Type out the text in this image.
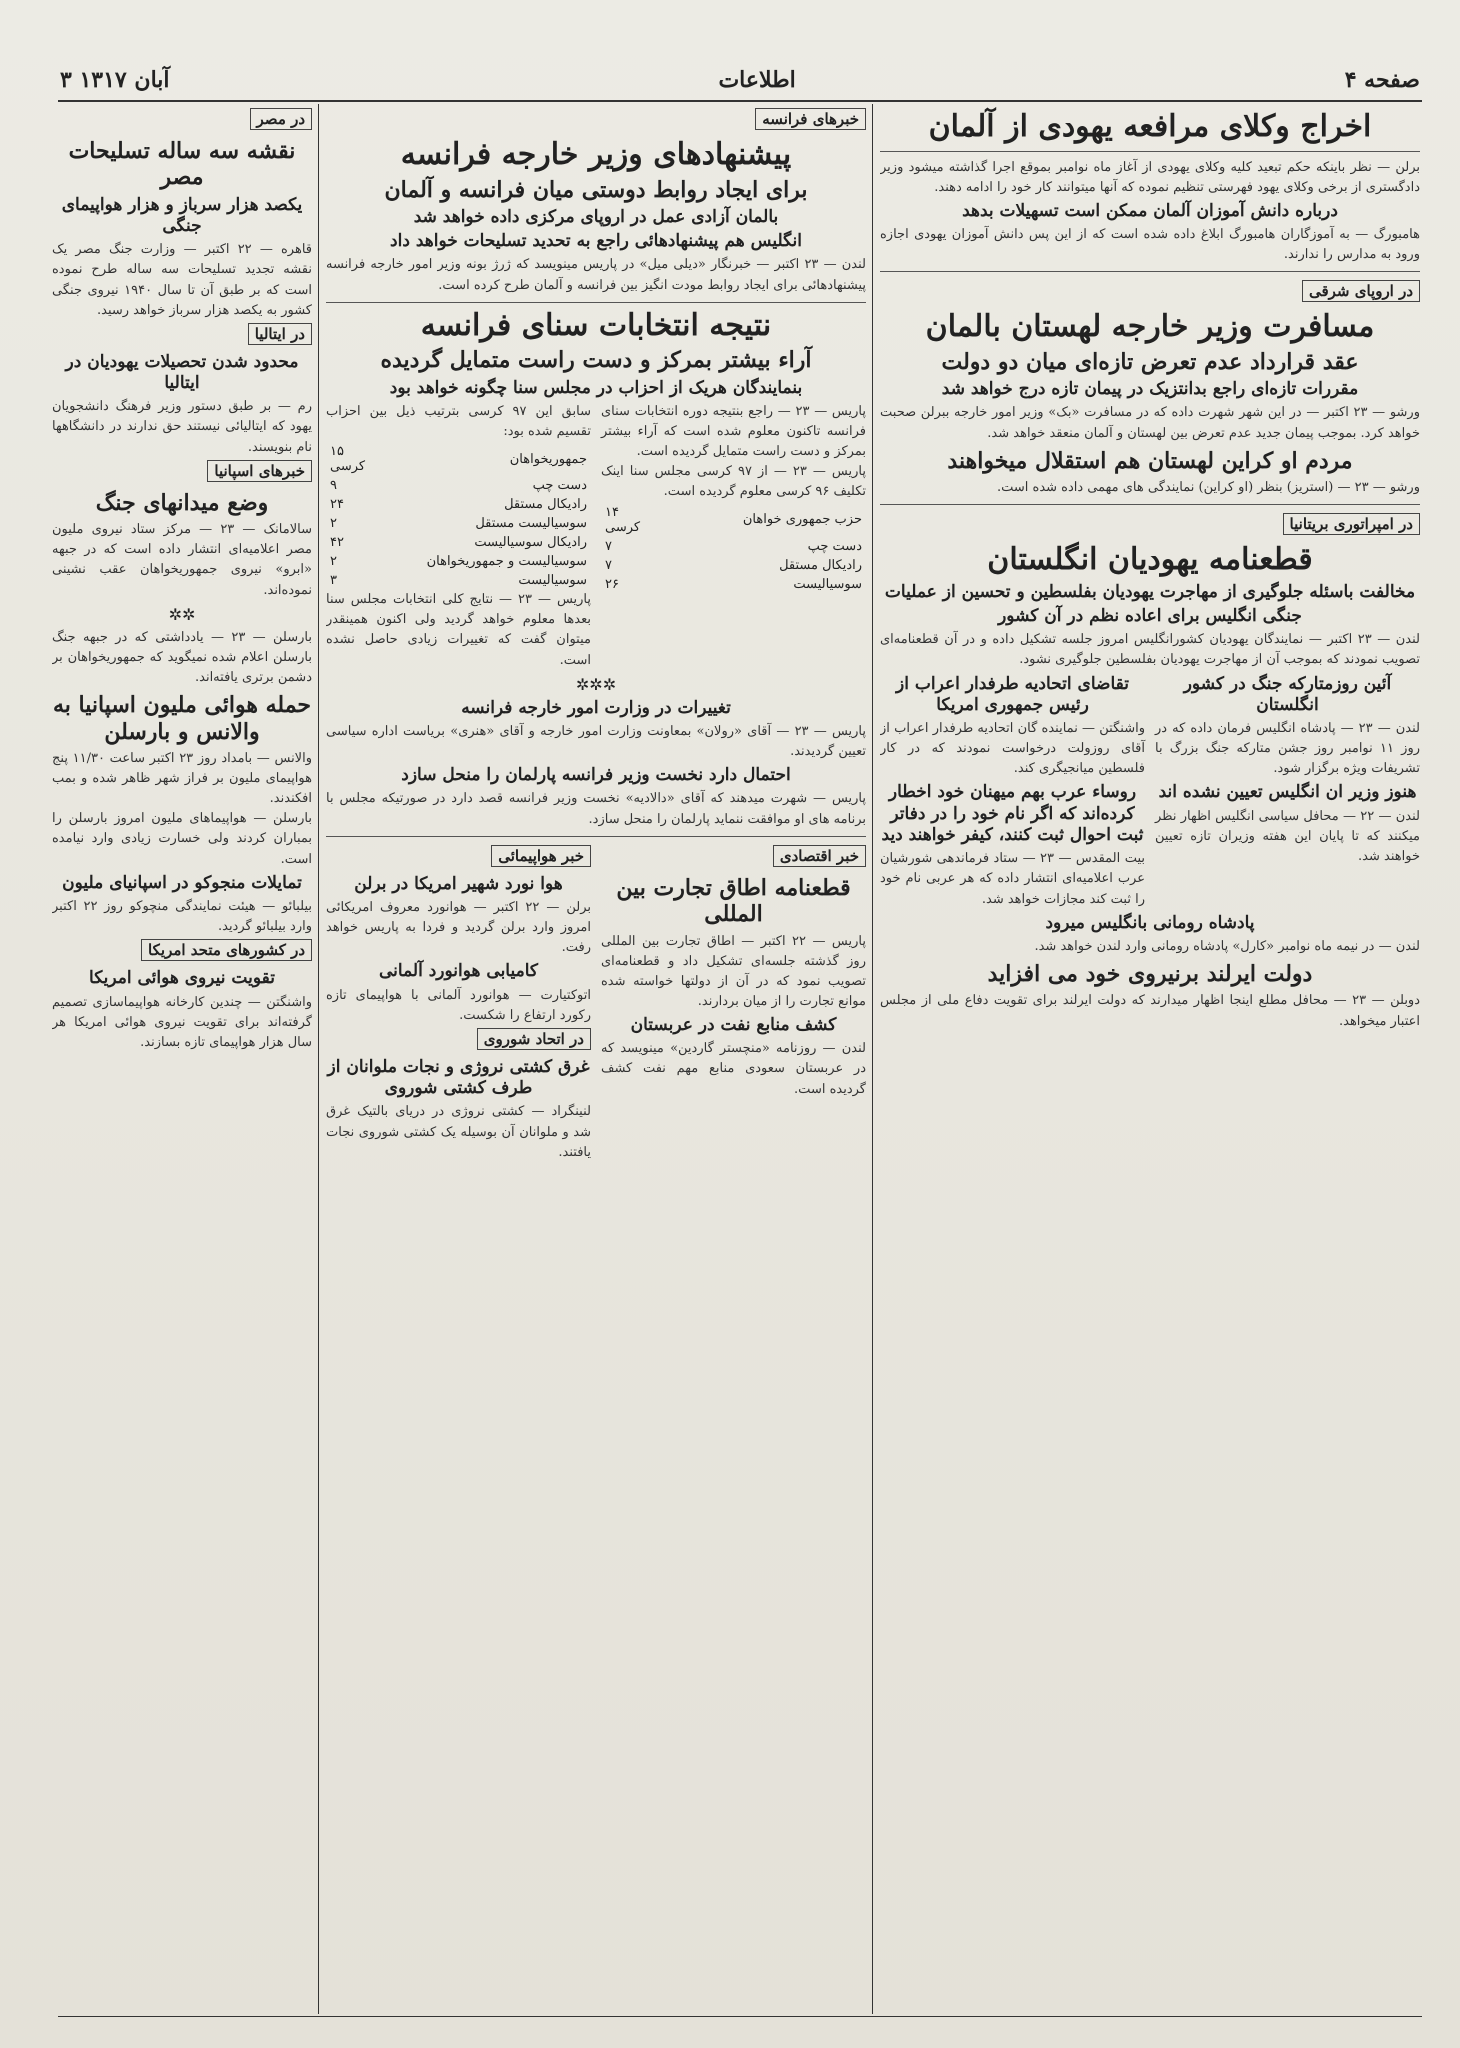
۳ آبان ۱۳۱۷	اطلاعات	صفحه ۴
اخراج وکلای مرافعه یهودی از آلمان
برلن — نظر باینکه حکم تبعید کلیه وکلای یهودی از آغاز ماه نوامبر بموقع اجرا گذاشته میشود وزیر دادگستری از برخی وکلای یهود فهرستی تنظیم نموده که آنها میتوانند کار خود را ادامه دهند.
درباره دانش آموزان آلمان ممکن است تسهیلات بدهد
هامبورگ — به آموزگاران هامبورگ ابلاغ داده شده است که از این پس دانش آموزان یهودی اجازه ورود به مدارس را ندارند.
در اروپای شرقی
مسافرت وزیر خارجه لهستان بالمان
عقد قرارداد عدم تعرض تازه‌ای میان دو دولت
مقررات تازه‌ای راجع بدانتزیک در پیمان تازه درج خواهد شد
ورشو — ۲۳ اکتبر — در این شهر شهرت داده که در مسافرت «بک» وزیر امور خارجه ببرلن صحبت خواهد کرد. بموجب پیمان جدید عدم تعرض بین لهستان و آلمان منعقد خواهد شد.
مردم او کراین لهستان هم استقلال میخواهند
ورشو — ۲۳ — (استریز) بنظر (او کراین) نمایندگی های مهمی داده شده است.
در امپراتوری بریتانیا
قطعنامه یهودیان انگلستان
مخالفت باسئله جلوگیری از مهاجرت یهودیان بفلسطین و تحسین از عملیات
جنگی انگلیس برای اعاده نظم در آن کشور
لندن — ۲۳ اکتبر — نمایندگان یهودیان کشورانگلیس امروز جلسه تشکیل داده و در آن قطعنامه‌ای تصویب نمودند که بموجب آن از مهاجرت یهودیان بفلسطین جلوگیری نشود.
آئین روزمتارکه جنگ در کشور انگلستان
لندن — ۲۳ — پادشاه انگلیس فرمان داده که در روز ۱۱ نوامبر روز جشن متارکه جنگ بزرگ با تشریفات ویژه برگزار شود.
هنوز وزیر ان انگلیس تعیین نشده اند
لندن — ۲۲ — محافل سیاسی انگلیس اظهار نظر میکنند که تا پایان این هفته وزیران تازه تعیین خواهند شد.
تقاضای اتحادیه طرفدار اعراب از رئیس جمهوری امریکا
واشنگتن — نماینده گان اتحادیه طرفدار اعراب از آقای روزولت درخواست نمودند که در کار فلسطین میانجیگری کند.
روساء عرب بهم میهنان خود اخطار کرده‌اند که اگر نام خود را در دفاتر ثبت احوال ثبت کنند، کیفر خواهند دید
بیت المقدس — ۲۳ — ستاد فرماندهی شورشیان عرب اعلامیه‌ای انتشار داده که هر عربی نام خود را ثبت کند مجازات خواهد شد.
پادشاه رومانی بانگلیس میرود
لندن — در نیمه ماه نوامبر «کارل» پادشاه رومانی وارد لندن خواهد شد.
دولت ایرلند برنیروی خود می افزاید
دوبلن — ۲۳ — محافل مطلع اینجا اظهار میدارند که دولت ایرلند برای تقویت دفاع ملی از مجلس اعتبار میخواهد.
خبرهای فرانسه
پیشنهادهای وزیر خارجه فرانسه
برای ایجاد روابط دوستی میان فرانسه و آلمان
بالمان آزادی عمل در اروپای مرکزی داده خواهد شد
انگلیس هم پیشنهادهائی راجع به تحدید تسلیحات خواهد داد
لندن — ۲۳ اکتبر — خبرنگار «دیلی میل» در پاریس مینویسد که ژرژ بونه وزیر امور خارجه فرانسه پیشنهادهائی برای ایجاد روابط مودت انگیز بین فرانسه و آلمان طرح کرده است.
نتیجه انتخابات سنای فرانسه
آراء بیشتر بمرکز و دست راست متمایل گردیده
بنمایندگان هریک از احزاب در مجلس سنا چگونه خواهد بود
پاریس — ۲۳ — راجع بنتیجه دوره انتخابات سنای فرانسه تاکنون معلوم شده است که آراء بیشتر بمرکز و دست راست متمایل گردیده است.
پاریس — ۲۳ — از ۹۷ کرسی مجلس سنا اینک تکلیف ۹۶ کرسی معلوم گردیده است.
حزب جمهوری خواهان	۱۴ کرسی
دست چپ	۷
رادیکال مستقل	۷
سوسیالیست	۲۶
سابق این ۹۷ کرسی بترتیب ذیل بین احزاب تقسیم شده بود:
جمهوریخواهان	۱۵ کرسی
دست چپ	۹
رادیکال مستقل	۲۴
سوسیالیست مستقل	۲
رادیکال سوسیالیست	۴۲
سوسیالیست و جمهوریخواهان	۲
سوسیالیست	۳
پاریس — ۲۳ — نتایج کلی انتخابات مجلس سنا بعدها معلوم خواهد گردید ولی اکنون همینقدر میتوان گفت که تغییرات زیادی حاصل نشده است.
✲✲✲
تغییرات در وزارت امور خارجه فرانسه
پاریس — ۲۳ — آقای «رولان» بمعاونت وزارت امور خارجه و آقای «هنری» بریاست اداره سیاسی تعیین گردیدند.
احتمال دارد نخست وزیر فرانسه پارلمان را منحل سازد
پاریس — شهرت میدهند که آقای «دالادیه» نخست وزیر فرانسه قصد دارد در صورتیکه مجلس با برنامه های او موافقت ننماید پارلمان را منحل سازد.
خبر اقتصادی
قطعنامه اطاق تجارت بین المللی
پاریس — ۲۲ اکتبر — اطاق تجارت بین المللی روز گذشته جلسه‌ای تشکیل داد و قطعنامه‌ای تصویب نمود که در آن از دولتها خواسته شده موانع تجارت را از میان بردارند.
کشف منابع نفت در عربستان
لندن — روزنامه «منچستر گاردین» مینویسد که در عربستان سعودی منابع مهم نفت کشف گردیده است.
خبر هواپیمائی
هوا نورد شهیر امریکا در برلن
برلن — ۲۲ اکتبر — هوانورد معروف امریکائی امروز وارد برلن گردید و فردا به پاریس خواهد رفت.
کامیابی هوانورد آلمانی
اتوکتیارت — هوانورد آلمانی با هواپیمای تازه رکورد ارتفاع را شکست.
در اتحاد شوروی
غرق کشتی نروژی و نجات ملوانان از طرف کشتی شوروی
لنینگراد — کشتی نروژی در دریای بالتیک غرق شد و ملوانان آن بوسیله یک کشتی شوروی نجات یافتند.
در مصر
نقشه سه ساله تسلیحات مصر
یکصد هزار سرباز و هزار هواپیمای جنگی
قاهره — ۲۲ اکتبر — وزارت جنگ مصر یک نقشه تجدید تسلیحات سه ساله طرح نموده است که بر طبق آن تا سال ۱۹۴۰ نیروی جنگی کشور به یکصد هزار سرباز خواهد رسید.
در ایتالیا
محدود شدن تحصیلات یهودیان در ایتالیا
رم — بر طبق دستور وزیر فرهنگ دانشجویان یهود که ایتالیائی نیستند حق ندارند در دانشگاهها نام بنویسند.
خبرهای اسپانیا
وضع میدانهای جنگ
سالامانک — ۲۳ — مرکز ستاد نیروی ملیون مصر اعلامیه‌ای انتشار داده است که در جبهه «ابرو» نیروی جمهوریخواهان عقب نشینی نموده‌اند.
✲✲
بارسلن — ۲۳ — یادداشتی که در جبهه جنگ بارسلن اعلام شده نمیگوید که جمهوریخواهان بر دشمن برتری یافته‌اند.
حمله هوائی ملیون اسپانیا به والانس و بارسلن
والانس — بامداد روز ۲۳ اکتبر ساعت ۱۱/۳۰ پنج هواپیمای ملیون بر فراز شهر ظاهر شده و بمب افکندند.
بارسلن — هواپیماهای ملیون امروز بارسلن را بمباران کردند ولی خسارت زیادی وارد نیامده است.
تمایلات منجوکو در اسپانیای ملیون
بیلبائو — هیئت نمایندگی منچوکو روز ۲۲ اکتبر وارد بیلبائو گردید.
در کشورهای متحد امریکا
تقویت نیروی هوائی امریکا
واشنگتن — چندین کارخانه هواپیماسازی تصمیم گرفته‌اند برای تقویت نیروی هوائی امریکا هر سال هزار هواپیمای تازه بسازند.
